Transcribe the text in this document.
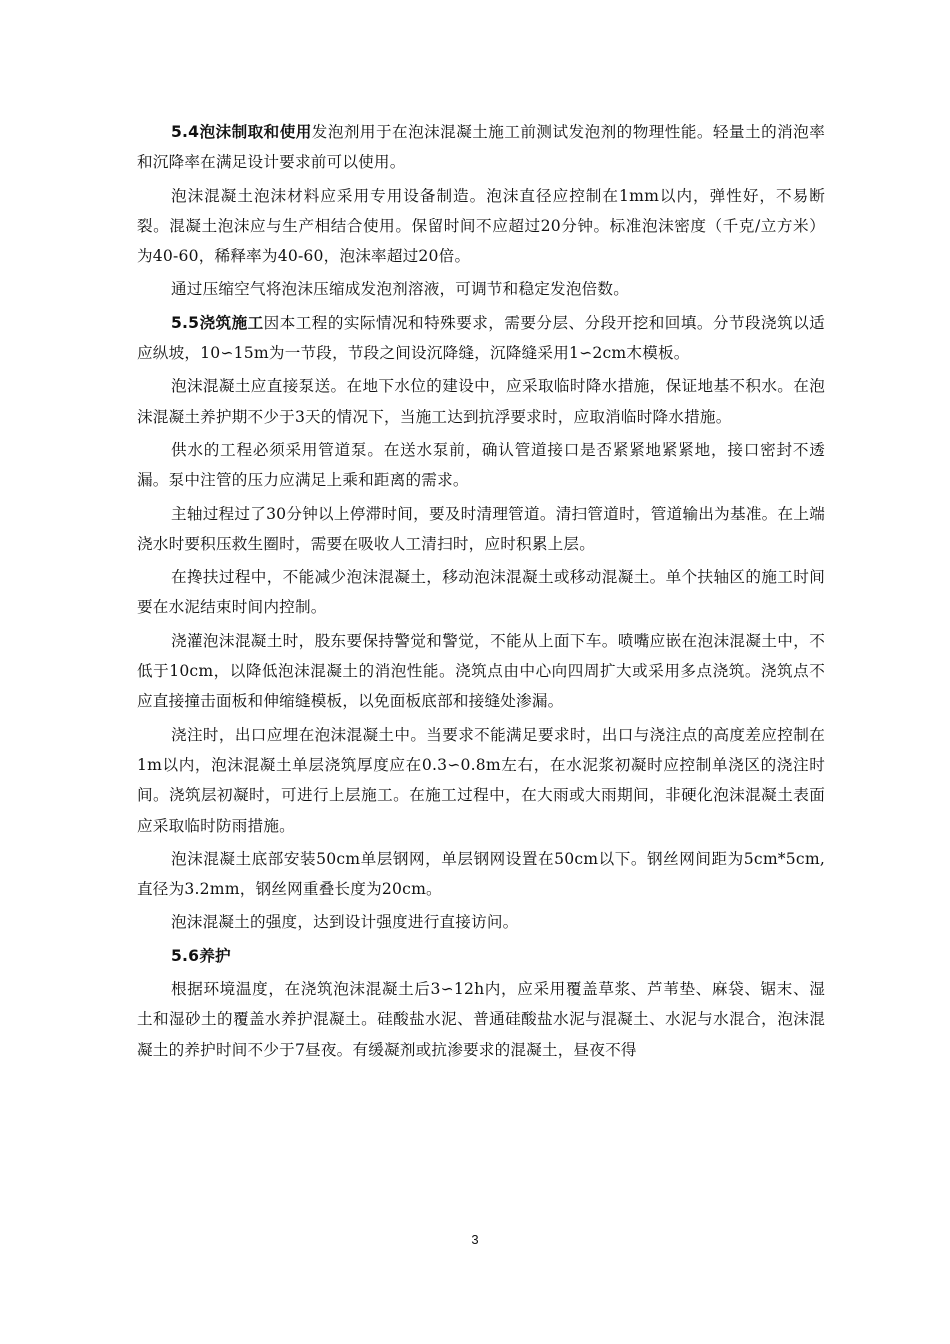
5.4泡沫制取和使用发泡剂用于在泡沫混凝土施工前测试发泡剂的物理性能。轻量土的消泡率和沉降率在满足设计要求前可以使用。

泡沫混凝土泡沫材料应采用专用设备制造。泡沫直径应控制在1mm以内，弹性好，不易断裂。混凝土泡沫应与生产相结合使用。保留时间不应超过20分钟。标准泡沫密度（千克/立方米）为40-60，稀释率为40-60，泡沫率超过20倍。

通过压缩空气将泡沫压缩成发泡剂溶液，可调节和稳定发泡倍数。

5.5浇筑施工因本工程的实际情况和特殊要求，需要分层、分段开挖和回填。分节段浇筑以适应纵坡，10∽15m为一节段，节段之间设沉降缝，沉降缝采用1∽2cm木模板。

泡沫混凝土应直接泵送。在地下水位的建设中，应采取临时降水措施，保证地基不积水。在泡沫混凝土养护期不少于3天的情况下，当施工达到抗浮要求时，应取消临时降水措施。

供水的工程必须采用管道泵。在送水泵前，确认管道接口是否紧紧地紧紧地，接口密封不透漏。泵中注管的压力应满足上乘和距离的需求。

主轴过程过了30分钟以上停滞时间，要及时清理管道。清扫管道时，管道输出为基准。在上端浇水时要积压救生圈时，需要在吸收人工清扫时，应时积累上层。

在搀扶过程中，不能减少泡沫混凝土，移动泡沫混凝土或移动混凝土。单个扶轴区的施工时间要在水泥结束时间内控制。

浇灌泡沫混凝土时，股东要保持警觉和警觉，不能从上面下车。喷嘴应嵌在泡沫混凝土中，不低于10cm，以降低泡沫混凝土的消泡性能。浇筑点由中心向四周扩大或采用多点浇筑。浇筑点不应直接撞击面板和伸缩缝模板，以免面板底部和接缝处渗漏。

浇注时，出口应埋在泡沫混凝土中。当要求不能满足要求时，出口与浇注点的高度差应控制在1m以内，泡沫混凝土单层浇筑厚度应在0.3∽0.8m左右，在水泥浆初凝时应控制单浇区的浇注时间。浇筑层初凝时，可进行上层施工。在施工过程中，在大雨或大雨期间，非硬化泡沫混凝土表面应采取临时防雨措施。

泡沫混凝土底部安装50cm单层钢网，单层钢网设置在50cm以下。钢丝网间距为5cm*5cm,直径为3.2mm，钢丝网重叠长度为20cm。

泡沫混凝土的强度，达到设计强度进行直接访问。

5.6养护

根据环境温度，在浇筑泡沫混凝土后3∽12h内，应采用覆盖草浆、芦苇垫、麻袋、锯末、湿土和湿砂土的覆盖水养护混凝土。硅酸盐水泥、普通硅酸盐水泥与混凝土、水泥与水混合，泡沫混凝土的养护时间不少于7昼夜。有缓凝剂或抗渗要求的混凝土，昼夜不得

3
